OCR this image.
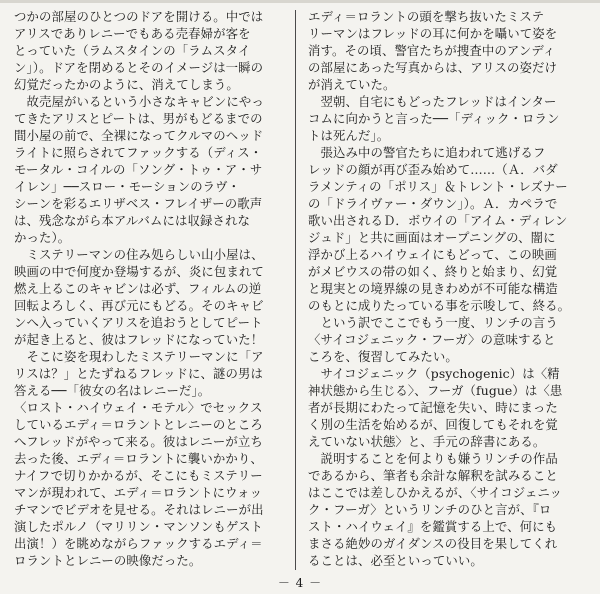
つかの部屋のひとつのドアを開ける。中では
アリスでありレニーでもある売春婦が客を
とっていた（ラムスタインの「ラムスタイ
ン」）。ドアを閉めるとそのイメージは一瞬の
幻覚だったかのように、消えてしまう。
　故売屋がいるという小さなキャビンにやっ
てきたアリスとピートは、男がもどるまでの
間小屋の前で、全裸になってクルマのヘッド
ライトに照らされてファックする（ディス・
モータル・コイルの「ソング・トゥ・ア・サ
イレン」──スロー・モーションのラヴ・
シーンを彩るエリザベス・フレイザーの歌声
は、残念ながら本アルバムには収録されな
かった）。
　ミステリーマンの住み処らしい山小屋は、
映画の中で何度か登場するが、炎に包まれて
燃え上るこのキャビンは必ず、フィルムの逆
回転よろしく、再び元にもどる。そのキャビ
ンへ入っていくアリスを追おうとしてピート
が起き上ると、彼はフレッドになっていた！
　そこに姿を現わしたミステリーマンに「ア
リスは？」とたずねるフレッドに、謎の男は
答える──「彼女の名はレニーだ」。
〈ロスト・ハイウェイ・モテル〉でセックス
しているエディ＝ロラントとレニーのところ
へフレッドがやって来る。彼はレニーが立ち
去った後、エディ＝ロラントに襲いかかり、
ナイフで切りかかるが、そこにもミステリー
マンが現われて、エディ＝ロラントにウォッ
チマンでビデオを見せる。それはレニーが出
演したポルノ（マリリン・マンソンもゲスト
出演！）を眺めながらファックするエディ＝
ロラントとレニーの映像だった。
エディ＝ロラントの頭を撃ち抜いたミステ
リーマンはフレッドの耳に何かを囁いて姿を
消す。その頃、警官たちが捜査中のアンディ
の部屋にあった写真からは、アリスの姿だけ
が消えていた。
　翌朝、自宅にもどったフレッドはインター
コムに向かうと言った──「ディック・ロラン
トは死んだ」。
　張込み中の警官たちに追われて逃げるフ
レッドの顔が再び歪み始めて……（Ａ．バダ
ラメンティの「ポリス」＆トレント・レズナー
の「ドライヴァー・ダウン」）。Ａ．カペラで
歌い出されるＤ．ボウイの「アイム・ディレン
ジュド」と共に画面はオープニングの、闇に
浮かび上るハイウェイにもどって、この映画
がメビウスの帯の如く、終りと始まり、幻覚
と現実との境界線の見きわめが不可能な構造
のもとに成りたっている事を示唆して、終る。
　という訳でここでもう一度、リンチの言う
〈サイコジェニック・フーガ〉の意味すると
ころを、復習してみたい。
　サイコジェニック（psychogenic）は〈精
神状態から生じる〉、フーガ（fugue）は〈患
者が長期にわたって記憶を失い、時にまった
く別の生活を始めるが、回復してもそれを覚
えていない状態〉と、手元の辞書にある。
　説明することを何よりも嫌うリンチの作品
であるから、筆者も余計な解釈を試みること
はここでは差しひかえるが、〈サイコジェニッ
ク・フーガ〉というリンチのひと言が、『ロ
スト・ハイウェイ』を鑑賞する上で、何にも
まさる絶妙のガイダンスの役目を果してくれ
ることは、必至といっていい。
－ 4 －
